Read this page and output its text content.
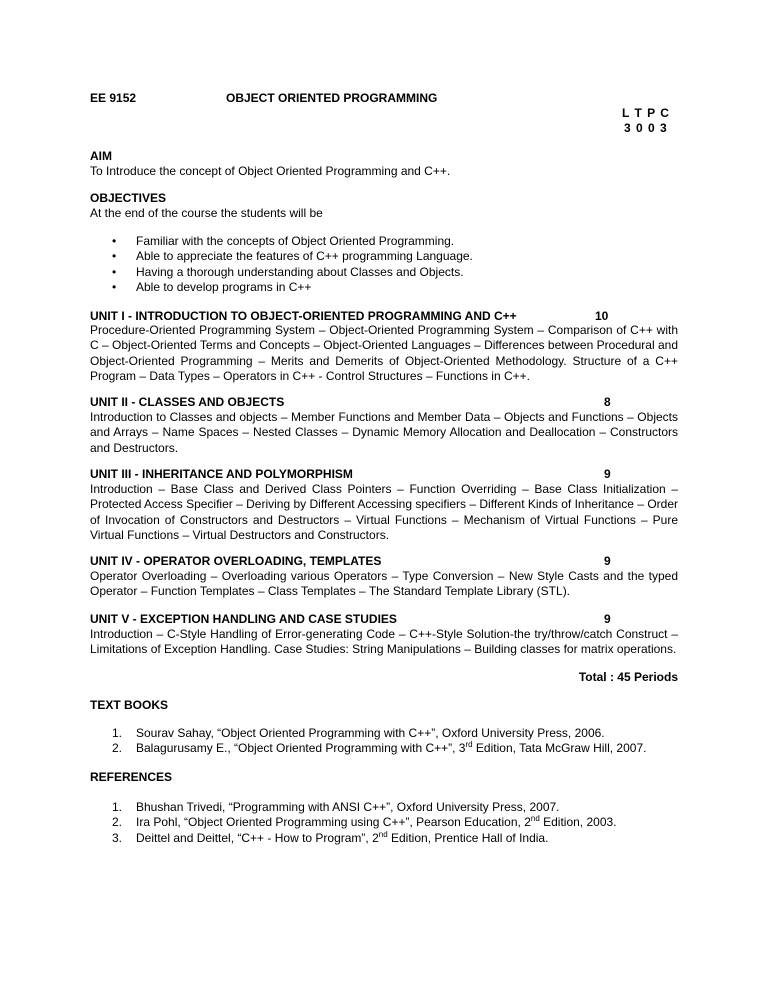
EE 9152	OBJECT ORIENTED PROGRAMMING
L T P C
3 0 0 3
AIM
To Introduce the concept of Object Oriented Programming and C++.
OBJECTIVES
At the end of the course the students will be
• Familiar with the concepts of Object Oriented Programming.
• Able to appreciate the features of C++ programming Language.
• Having a thorough understanding about Classes and Objects.
• Able to develop programs in C++
UNIT I - INTRODUCTION TO OBJECT-ORIENTED PROGRAMMING AND C++	10
Procedure-Oriented Programming System – Object-Oriented Programming System – Comparison of C++ with C – Object-Oriented Terms and Concepts – Object-Oriented Languages – Differences between Procedural and Object-Oriented Programming – Merits and Demerits of Object-Oriented Methodology. Structure of a C++ Program – Data Types – Operators in C++ - Control Structures – Functions in C++.
UNIT II - CLASSES AND OBJECTS	8
Introduction to Classes and objects – Member Functions and Member Data – Objects and Functions – Objects and Arrays – Name Spaces – Nested Classes – Dynamic Memory Allocation and Deallocation – Constructors and Destructors.
UNIT III - INHERITANCE AND POLYMORPHISM	9
Introduction – Base Class and Derived Class Pointers – Function Overriding – Base Class Initialization – Protected Access Specifier – Deriving by Different Accessing specifiers – Different Kinds of Inheritance – Order of Invocation of Constructors and Destructors – Virtual Functions – Mechanism of Virtual Functions – Pure Virtual Functions – Virtual Destructors and Constructors.
UNIT IV - OPERATOR OVERLOADING, TEMPLATES	9
Operator Overloading – Overloading various Operators – Type Conversion – New Style Casts and the typed Operator – Function Templates – Class Templates – The Standard Template Library (STL).
UNIT V - EXCEPTION HANDLING AND CASE STUDIES	9
Introduction – C-Style Handling of Error-generating Code – C++-Style Solution-the try/throw/catch Construct – Limitations of Exception Handling. Case Studies: String Manipulations – Building classes for matrix operations.
Total : 45 Periods
TEXT BOOKS
1. Sourav Sahay, “Object Oriented Programming with C++”, Oxford University Press, 2006.
2. Balagurusamy E., “Object Oriented Programming with C++”, 3rd Edition, Tata McGraw Hill, 2007.
REFERENCES
1. Bhushan Trivedi, “Programming with ANSI C++”, Oxford University Press, 2007.
2. Ira Pohl, “Object Oriented Programming using C++”, Pearson Education, 2nd Edition, 2003.
3. Deittel and Deittel, “C++ - How to Program”, 2nd Edition, Prentice Hall of India.
